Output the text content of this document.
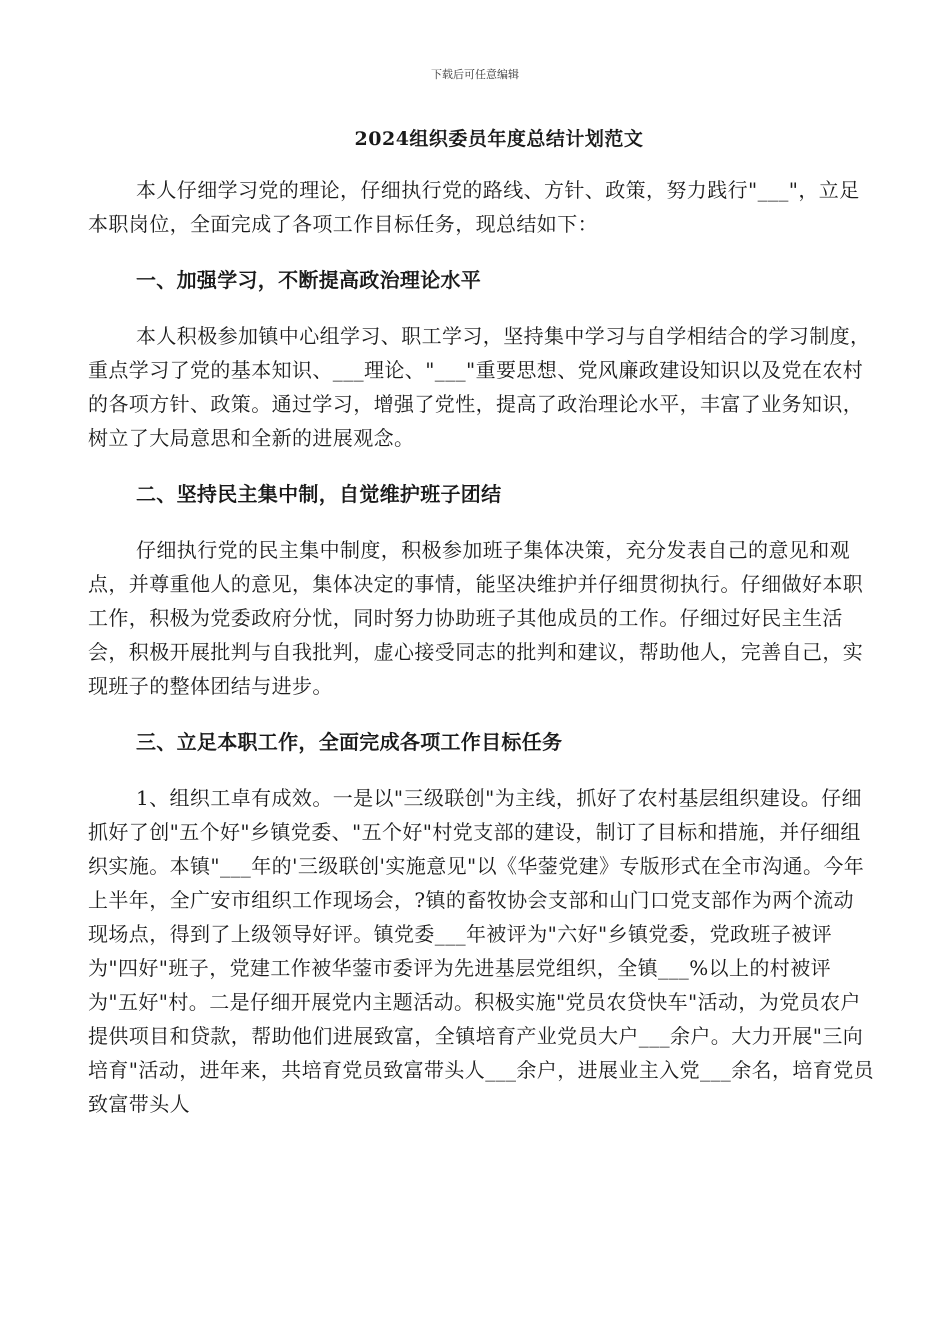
下载后可任意编辑
2024组织委员年度总结计划范文

本人仔细学习党的理论，仔细执行党的路线、方针、政策，努力践行"___"，立足本职岗位，全面完成了各项工作目标任务，现总结如下：

一、加强学习，不断提高政治理论水平

本人积极参加镇中心组学习、职工学习，坚持集中学习与自学相结合的学习制度，重点学习了党的基本知识、___理论、"___"重要思想、党风廉政建设知识以及党在农村的各项方针、政策。通过学习，增强了党性，提高了政治理论水平，丰富了业务知识，树立了大局意思和全新的进展观念。

二、坚持民主集中制，自觉维护班子团结

仔细执行党的民主集中制度，积极参加班子集体决策，充分发表自己的意见和观点，并尊重他人的意见，集体决定的事情，能坚决维护并仔细贯彻执行。仔细做好本职工作，积极为党委政府分忧，同时努力协助班子其他成员的工作。仔细过好民主生活会，积极开展批判与自我批判，虚心接受同志的批判和建议，帮助他人，完善自己，实现班子的整体团结与进步。

三、立足本职工作，全面完成各项工作目标任务

1、组织工卓有成效。一是以"三级联创"为主线，抓好了农村基层组织建设。仔细抓好了创"五个好"乡镇党委、"五个好"村党支部的建设，制订了目标和措施，并仔细组织实施。本镇"___年的'三级联创'实施意见"以《华蓥党建》专版形式在全市沟通。今年上半年，全广安市组织工作现场会，?镇的畜牧协会支部和山门口党支部作为两个流动现场点，得到了上级领导好评。镇党委___年被评为"六好"乡镇党委，党政班子被评为"四好"班子，党建工作被华蓥市委评为先进基层党组织，全镇___%以上的村被评为"五好"村。二是仔细开展党内主题活动。积极实施"党员农贷快车"活动，为党员农户提供项目和贷款，帮助他们进展致富，全镇培育产业党员大户___余户。大力开展"三向培育"活动，进年来，共培育党员致富带头人___余户，进展业主入党___余名，培育党员致富带头人
